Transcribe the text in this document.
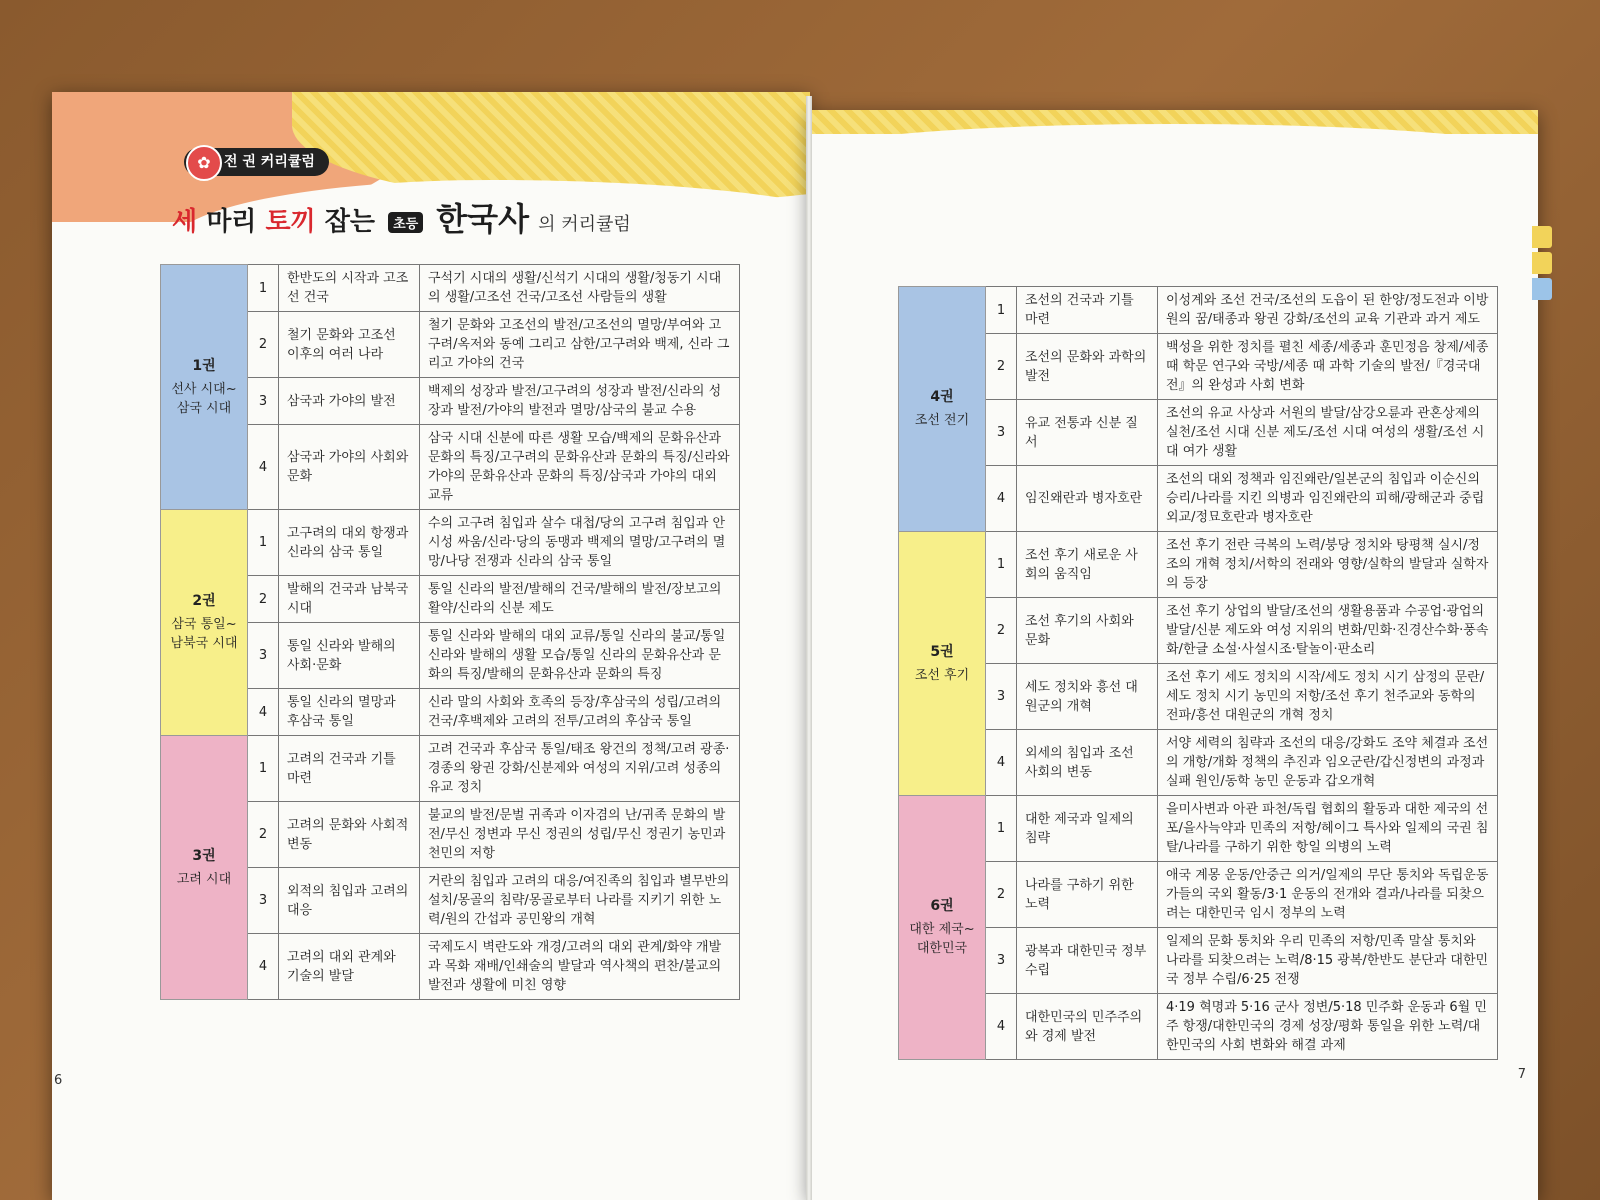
✿ 전 권 커리큘럼
세 마리 토끼 잡는 초등 한국사 의 커리큘럼
1권
선사 시대~ 삼국 시대	1	한반도의 시작과 고조선 건국	구석기 시대의 생활/신석기 시대의 생활/청동기 시대의 생활/고조선 건국/고조선 사람들의 생활
	2	철기 문화와 고조선 이후의 여러 나라	철기 문화와 고조선의 발전/고조선의 멸망/부여와 고구려/옥저와 동예 그리고 삼한/고구려와 백제, 신라 그리고 가야의 건국
	3	삼국과 가야의 발전	백제의 성장과 발전/고구려의 성장과 발전/신라의 성장과 발전/가야의 발전과 멸망/삼국의 불교 수용
	4	삼국과 가야의 사회와 문화	삼국 시대 신분에 따른 생활 모습/백제의 문화유산과 문화의 특징/고구려의 문화유산과 문화의 특징/신라와 가야의 문화유산과 문화의 특징/삼국과 가야의 대외 교류

2권
삼국 통일~ 남북국 시대	1	고구려의 대외 항쟁과 신라의 삼국 통일	수의 고구려 침입과 살수 대첩/당의 고구려 침입과 안시성 싸움/신라·당의 동맹과 백제의 멸망/고구려의 멸망/나당 전쟁과 신라의 삼국 통일
	2	발해의 건국과 남북국 시대	통일 신라의 발전/발해의 건국/발해의 발전/장보고의 활약/신라의 신분 제도
	3	통일 신라와 발해의 사회·문화	통일 신라와 발해의 대외 교류/통일 신라의 불교/통일 신라와 발해의 생활 모습/통일 신라의 문화유산과 문화의 특징/발해의 문화유산과 문화의 특징
	4	통일 신라의 멸망과 후삼국 통일	신라 말의 사회와 호족의 등장/후삼국의 성립/고려의 건국/후백제와 고려의 전투/고려의 후삼국 통일

3권
고려 시대	1	고려의 건국과 기틀 마련	고려 건국과 후삼국 통일/태조 왕건의 정책/고려 광종·경종의 왕권 강화/신분제와 여성의 지위/고려 성종의 유교 정치
	2	고려의 문화와 사회적 변동	불교의 발전/문벌 귀족과 이자겸의 난/귀족 문화의 발전/무신 정변과 무신 정권의 성립/무신 정권기 농민과 천민의 저항
	3	외적의 침입과 고려의 대응	거란의 침입과 고려의 대응/여진족의 침입과 별무반의 설치/몽골의 침략/몽골로부터 나라를 지키기 위한 노력/원의 간섭과 공민왕의 개혁
	4	고려의 대외 관계와 기술의 발달	국제도시 벽란도와 개경/고려의 대외 관계/화약 개발과 목화 재배/인쇄술의 발달과 역사책의 편찬/불교의 발전과 생활에 미친 영향
6
4권
조선 전기	1	조선의 건국과 기틀 마련	이성계와 조선 건국/조선의 도읍이 된 한양/정도전과 이방원의 꿈/태종과 왕권 강화/조선의 교육 기관과 과거 제도
	2	조선의 문화와 과학의 발전	백성을 위한 정치를 펼친 세종/세종과 훈민정음 창제/세종 때 학문 연구와 국방/세종 때 과학 기술의 발전/『경국대전』의 완성과 사회 변화
	3	유교 전통과 신분 질서	조선의 유교 사상과 서원의 발달/삼강오륜과 관혼상제의 실천/조선 시대 신분 제도/조선 시대 여성의 생활/조선 시대 여가 생활
	4	임진왜란과 병자호란	조선의 대외 정책과 임진왜란/일본군의 침입과 이순신의 승리/나라를 지킨 의병과 임진왜란의 피해/광해군과 중립 외교/정묘호란과 병자호란

5권
조선 후기	1	조선 후기 새로운 사회의 움직임	조선 후기 전란 극복의 노력/붕당 정치와 탕평책 실시/정조의 개혁 정치/서학의 전래와 영향/실학의 발달과 실학자의 등장
	2	조선 후기의 사회와 문화	조선 후기 상업의 발달/조선의 생활용품과 수공업·광업의 발달/신분 제도와 여성 지위의 변화/민화·진경산수화·풍속화/한글 소설·사설시조·탈놀이·판소리
	3	세도 정치와 흥선 대원군의 개혁	조선 후기 세도 정치의 시작/세도 정치 시기 삼정의 문란/세도 정치 시기 농민의 저항/조선 후기 천주교와 동학의 전파/흥선 대원군의 개혁 정치
	4	외세의 침입과 조선 사회의 변동	서양 세력의 침략과 조선의 대응/강화도 조약 체결과 조선의 개항/개화 정책의 추진과 임오군란/갑신정변의 과정과 실패 원인/동학 농민 운동과 갑오개혁

6권
대한 제국~ 대한민국	1	대한 제국과 일제의 침략	을미사변과 아관 파천/독립 협회의 활동과 대한 제국의 선포/을사늑약과 민족의 저항/헤이그 특사와 일제의 국권 침탈/나라를 구하기 위한 항일 의병의 노력
	2	나라를 구하기 위한 노력	애국 계몽 운동/안중근 의거/일제의 무단 통치와 독립운동가들의 국외 활동/3·1 운동의 전개와 결과/나라를 되찾으려는 대한민국 임시 정부의 노력
	3	광복과 대한민국 정부 수립	일제의 문화 통치와 우리 민족의 저항/민족 말살 통치와 나라를 되찾으려는 노력/8·15 광복/한반도 분단과 대한민국 정부 수립/6·25 전쟁
	4	대한민국의 민주주의와 경제 발전	4·19 혁명과 5·16 군사 정변/5·18 민주화 운동과 6월 민주 항쟁/대한민국의 경제 성장/평화 통일을 위한 노력/대한민국의 사회 변화와 해결 과제
7
